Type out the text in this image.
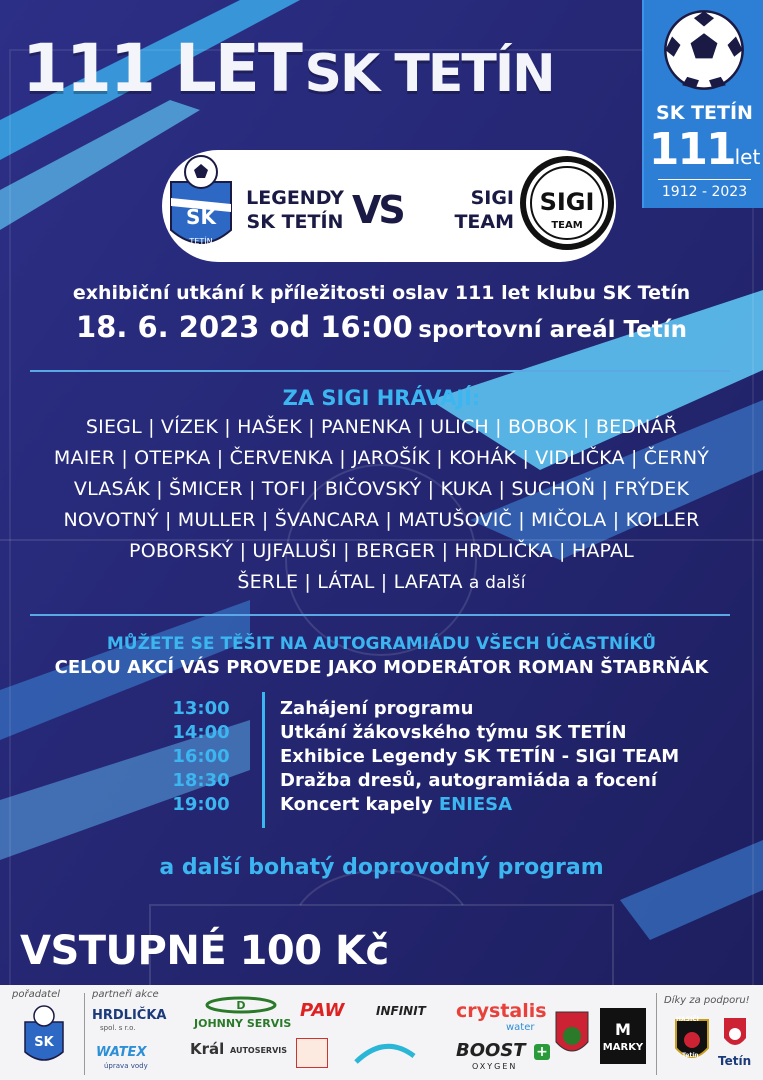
111 LET SK TETÍN
SK TETÍN
111let
1912 - 2023
SK
TETÍN
LEGENDY
SK TETÍN VS	SIGI
TEAM
SIGI
TEAM
exhibiční utkání k příležitosti oslav 111 let klubu SK Tetín
18. 6. 2023 od 16:00 sportovní areál Tetín
ZA SIGI HRÁVAJÍ:
SIEGL | VÍZEK | HAŠEK | PANENKA | ULICH | BOBOK | BEDNÁŘ
MAIER | OTEPKA | ČERVENKA | JAROŠÍK | KOHÁK | VIDLIČKA | ČERNÝ
VLASÁK | ŠMICER | TOFI | BIČOVSKÝ | KUKA | SUCHOŇ | FRÝDEK
NOVOTNÝ | MULLER | ŠVANCARA | MATUŠOVIČ | MIČOLA | KOLLER
POBORSKÝ | UJFALUŠI | BERGER | HRDLIČKA | HAPAL
ŠERLE | LÁTAL | LAFATA a další
MŮŽETE SE TĚŠIT NA AUTOGRAMIÁDU VŠECH ÚČASTNÍKŮ
CELOU AKCÍ VÁS PROVEDE JAKO MODERÁTOR ROMAN ŠTABRŇÁK
13:00	Zahájení programu
14:00	Utkání žákovského týmu SK TETÍN
16:00	Exhibice Legendy SK TETÍN - SIGI TEAM
18:30	Dražba dresů, autogramiáda a focení
19:00	Koncert kapely ENIESA
a další bohatý doprovodný program
VSTUPNÉ 100 Kč
pořadatel	partneři akce
Díky za podporu!
SK
HRDLIČKA
spol. s r.o.
WATEX
úprava vody
D
JOHNNY SERVIS
Král AUTOSERVIS
PAW	INFINIT crystalis
water
BOOST
OXYGEN
+
M
MARKY
HASIČI
Tetín Tetín
